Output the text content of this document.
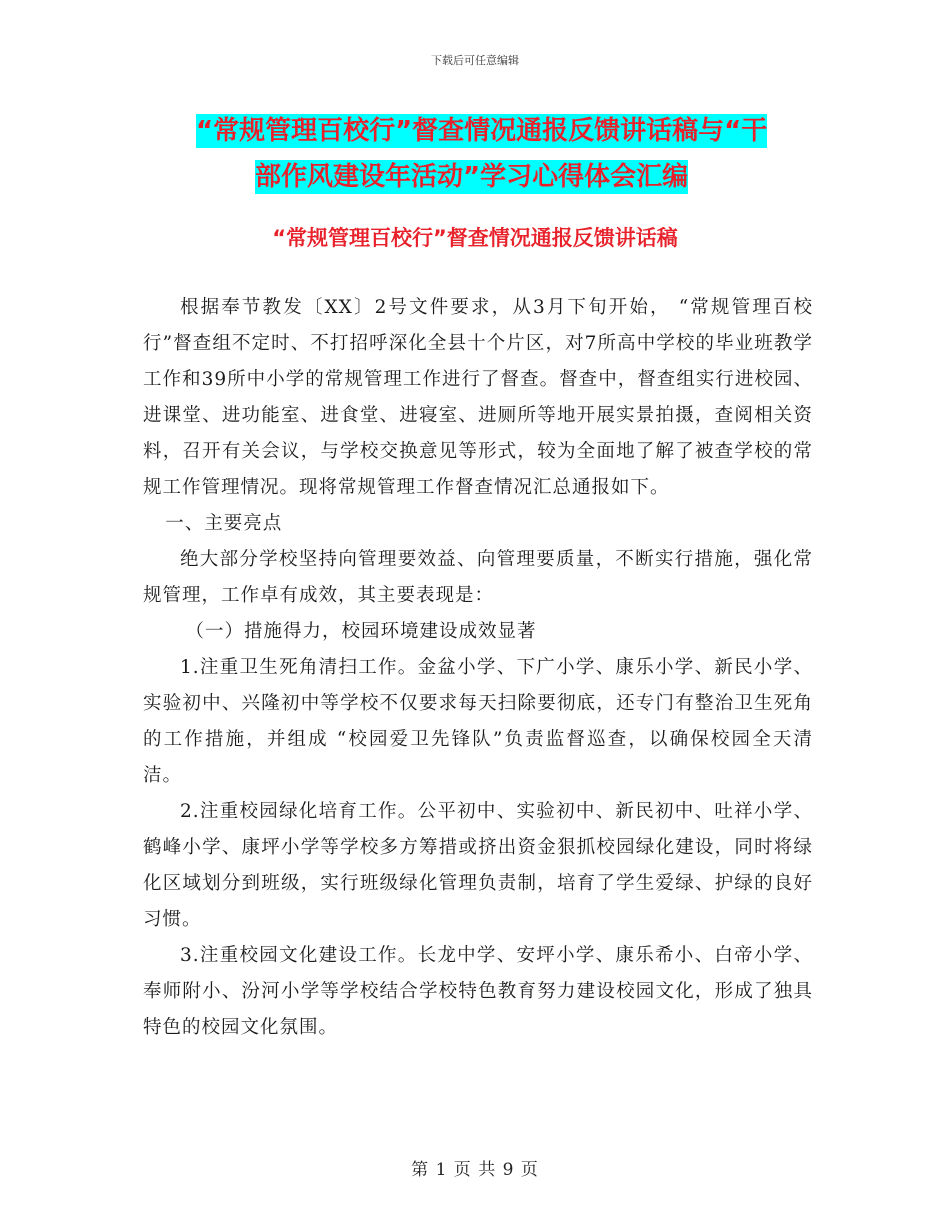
下载后可任意编辑
“常规管理百校行”督查情况通报反馈讲话稿与“干
部作风建设年活动”学习心得体会汇编
“常规管理百校行”督查情况通报反馈讲话稿

根据奉节教发〔XX〕2号文件要求，从3月下旬开始， “常规管理百校行”督查组不定时、不打招呼深化全县十个片区，对7所高中学校的毕业班教学工作和39所中小学的常规管理工作进行了督查。督查中，督查组实行进校园、进课堂、进功能室、进食堂、进寝室、进厕所等地开展实景拍摄，查阅相关资料，召开有关会议，与学校交换意见等形式，较为全面地了解了被查学校的常规工作管理情况。现将常规管理工作督查情况汇总通报如下。

一、主要亮点

绝大部分学校坚持向管理要效益、向管理要质量，不断实行措施，强化常规管理，工作卓有成效，其主要表现是：

（一）措施得力，校园环境建设成效显著

1.注重卫生死角清扫工作。金盆小学、下广小学、康乐小学、新民小学、实验初中、兴隆初中等学校不仅要求每天扫除要彻底，还专门有整治卫生死角的工作措施，并组成 “校园爱卫先锋队”负责监督巡查，以确保校园全天清洁。

2.注重校园绿化培育工作。公平初中、实验初中、新民初中、吐祥小学、鹤峰小学、康坪小学等学校多方筹措或挤出资金狠抓校园绿化建设，同时将绿化区域划分到班级，实行班级绿化管理负责制，培育了学生爱绿、护绿的良好习惯。

3.注重校园文化建设工作。长龙中学、安坪小学、康乐希小、白帝小学、奉师附小、汾河小学等学校结合学校特色教育努力建设校园文化，形成了独具特色的校园文化氛围。

第 1 页 共 9 页
